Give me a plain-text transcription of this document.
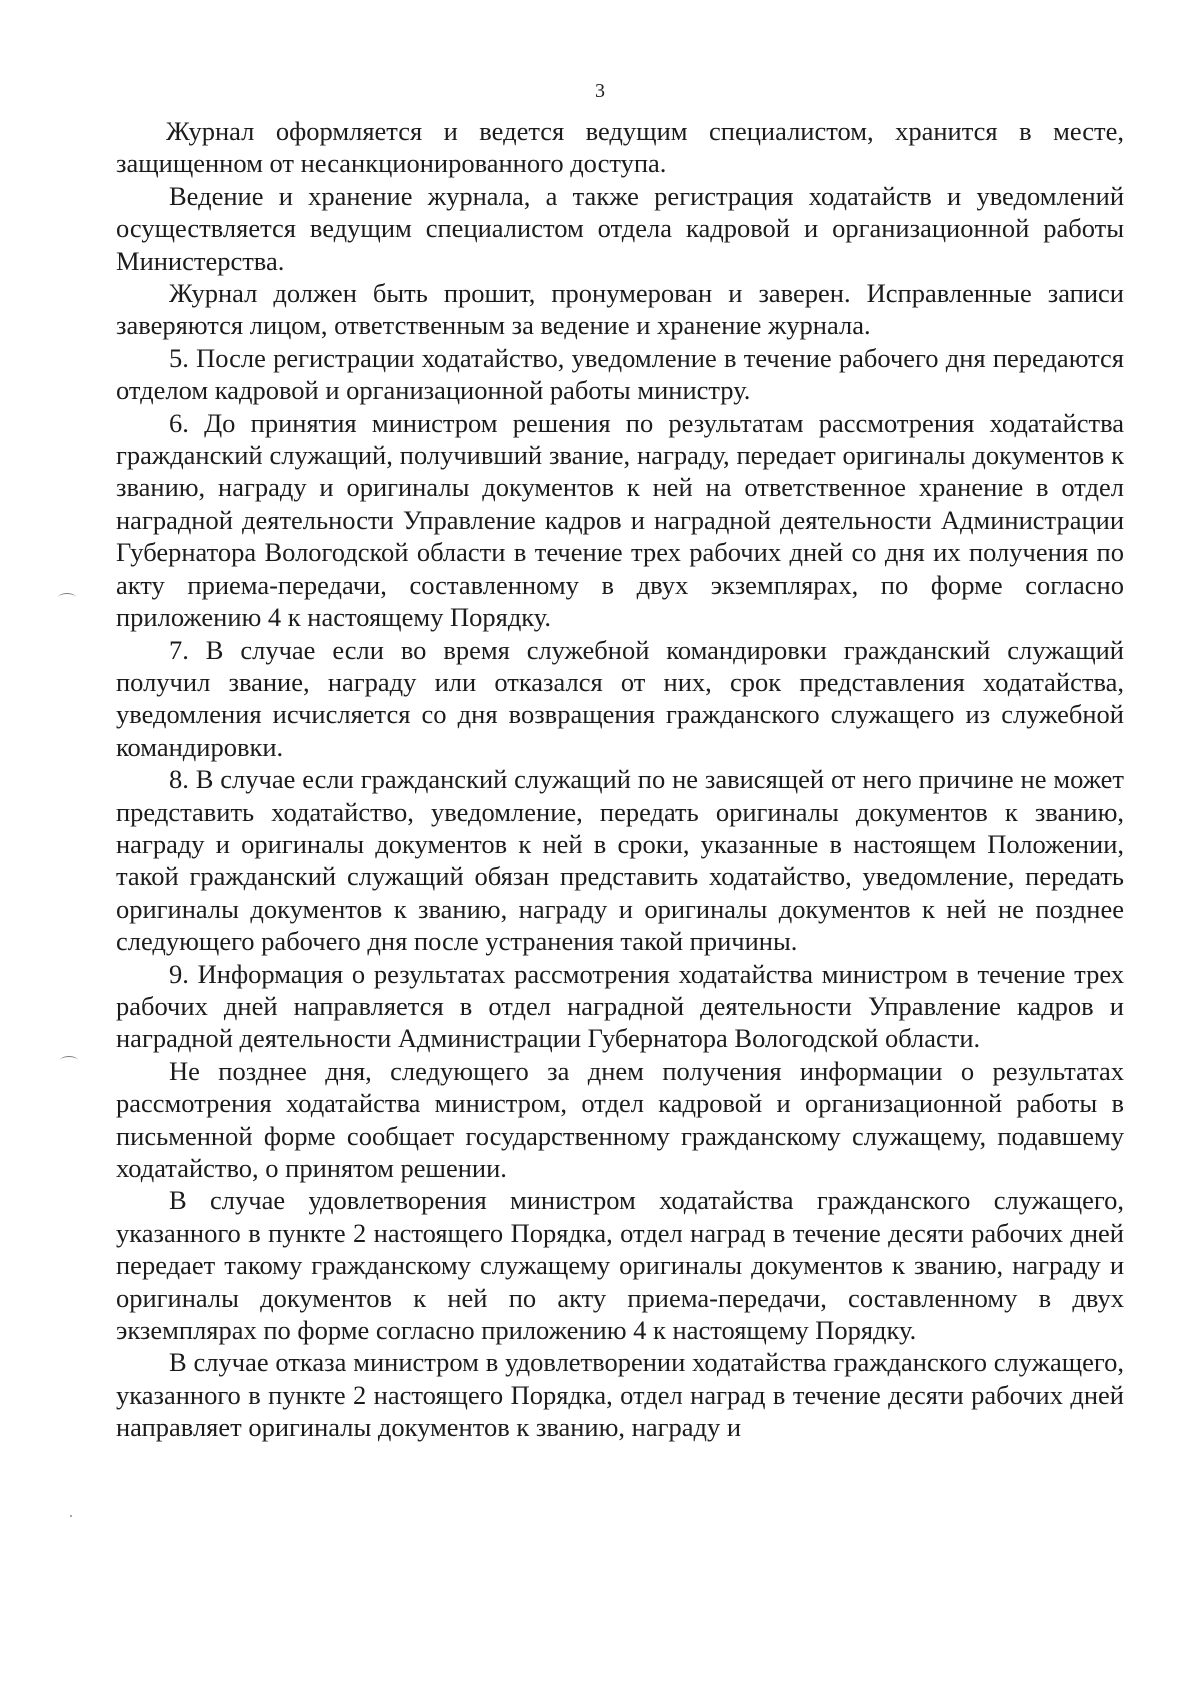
3

Журнал оформляется и ведется ведущим специалистом, хранится в месте, защищенном от несанкционированного доступа.

Ведение и хранение журнала, а также регистрация ходатайств и уведомлений осуществляется ведущим специалистом отдела кадровой и организационной работы Министерства.

Журнал должен быть прошит, пронумерован и заверен. Исправленные записи заверяются лицом, ответственным за ведение и хранение журнала.

5. После регистрации ходатайство, уведомление в течение рабочего дня передаются отделом кадровой и организационной работы министру.

6. До принятия министром решения по результатам рассмотрения ходатайства гражданский служащий, получивший звание, награду, передает оригиналы документов к званию, награду и оригиналы документов к ней на ответственное хранение в отдел наградной деятельности Управление кадров и наградной деятельности Администрации Губернатора Вологодской области в течение трех рабочих дней со дня их получения по акту приема-передачи, составленному в двух экземплярах, по форме согласно приложению 4 к настоящему Порядку.

7. В случае если во время служебной командировки гражданский служащий получил звание, награду или отказался от них, срок представления ходатайства, уведомления исчисляется со дня возвращения гражданского служащего из служебной командировки.

8. В случае если гражданский служащий по не зависящей от него причине не может представить ходатайство, уведомление, передать оригиналы документов к званию, награду и оригиналы документов к ней в сроки, указанные в настоящем Положении, такой гражданский служащий обязан представить ходатайство, уведомление, передать оригиналы документов к званию, награду и оригиналы документов к ней не позднее следующего рабочего дня после устранения такой причины.

9. Информация о результатах рассмотрения ходатайства министром в течение трех рабочих дней направляется в отдел наградной деятельности Управление кадров и наградной деятельности Администрации Губернатора Вологодской области.

Не позднее дня, следующего за днем получения информации о результатах рассмотрения ходатайства министром, отдел кадровой и организационной работы в письменной форме сообщает государственному гражданскому служащему, подавшему ходатайство, о принятом решении.

В случае удовлетворения министром ходатайства гражданского служащего, указанного в пункте 2 настоящего Порядка, отдел наград в течение десяти рабочих дней передает такому гражданскому служащему оригиналы документов к званию, награду и оригиналы документов к ней по акту приема-передачи, составленному в двух экземплярах по форме согласно приложению 4 к настоящему Порядку.

В случае отказа министром в удовлетворении ходатайства гражданского служащего, указанного в пункте 2 настоящего Порядка, отдел наград в течение десяти рабочих дней направляет оригиналы документов к званию, награду и
